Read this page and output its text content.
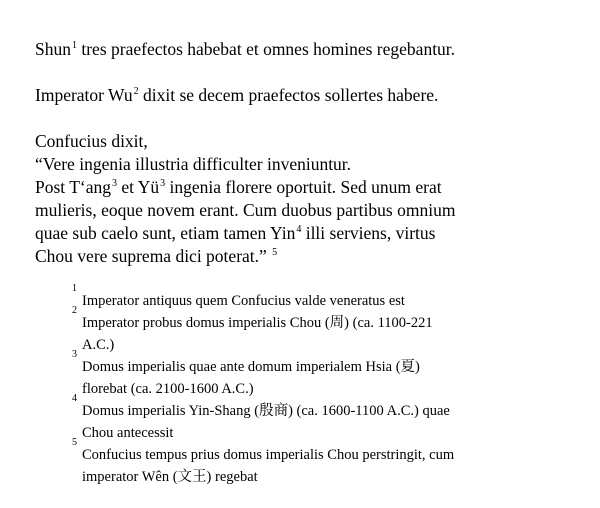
Shun$^1$ tres praefectos habebat et omnes homines regebantur.

Imperator Wu$^2$ dixit se decem praefectos sollertes habere.

Confucius dixit,

“Vere ingenia illustria difficulter inveniuntur.

Post T‘ang$^3$ et $Yü^3$ ingenia florere oportuit. Sed unum erat

mulieris, eoque novem erant. Cum duobus partibus omnium

quae sub caelo sunt, etiam tamen Yin$^4$ illi serviens, virtus

Chou vere suprema dici poterat.” $^5$

1
Imperator antiquus quem Confucius valde veneratus est
2
Imperator probus domus imperialis Chou (周) (ca. 1100-221
A.C.)
3
Domus imperialis quae ante domum imperialem Hsia (夏)
florebat (ca. 2100-1600 A.C.)
4
Domus imperialis Yin-Shang (殷商) (ca. 1600-1100 A.C.) quae
Chou antecessit
5
Confucius tempus prius domus imperialis Chou perstringit, cum
imperator Wên (文王) regebat
